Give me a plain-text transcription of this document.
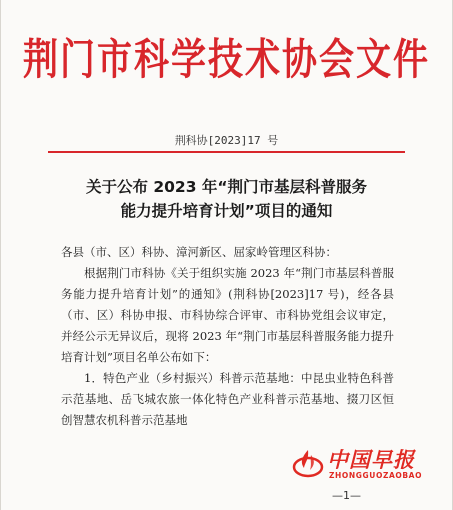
荆门市科学技术协会文件
荆科协[2023]17 号
关于公布 2023 年“荆门市基层科普服务
能力提升培育计划”项目的通知

各县（市、区）科协、漳河新区、屈家岭管理区科协：

根据荆门市科协《关于组织实施 2023 年“荆门市基层科普服务能力提升培育计划”的通知》(荆科协[2023]17 号)，经各县（市、区）科协申报、市科协综合评审、市科协党组会议审定，并经公示无异议后，现将 2023 年“荆门市基层科普服务能力提升培育计划”项目名单公布如下：

1．特色产业（乡村振兴）科普示范基地：中昆虫业特色科普示范基地、岳飞城农旅一体化特色产业科普示范基地、掇刀区恒创智慧农机科普示范基地

中国早报
ZHONGGUOZAOBAO
—1—
